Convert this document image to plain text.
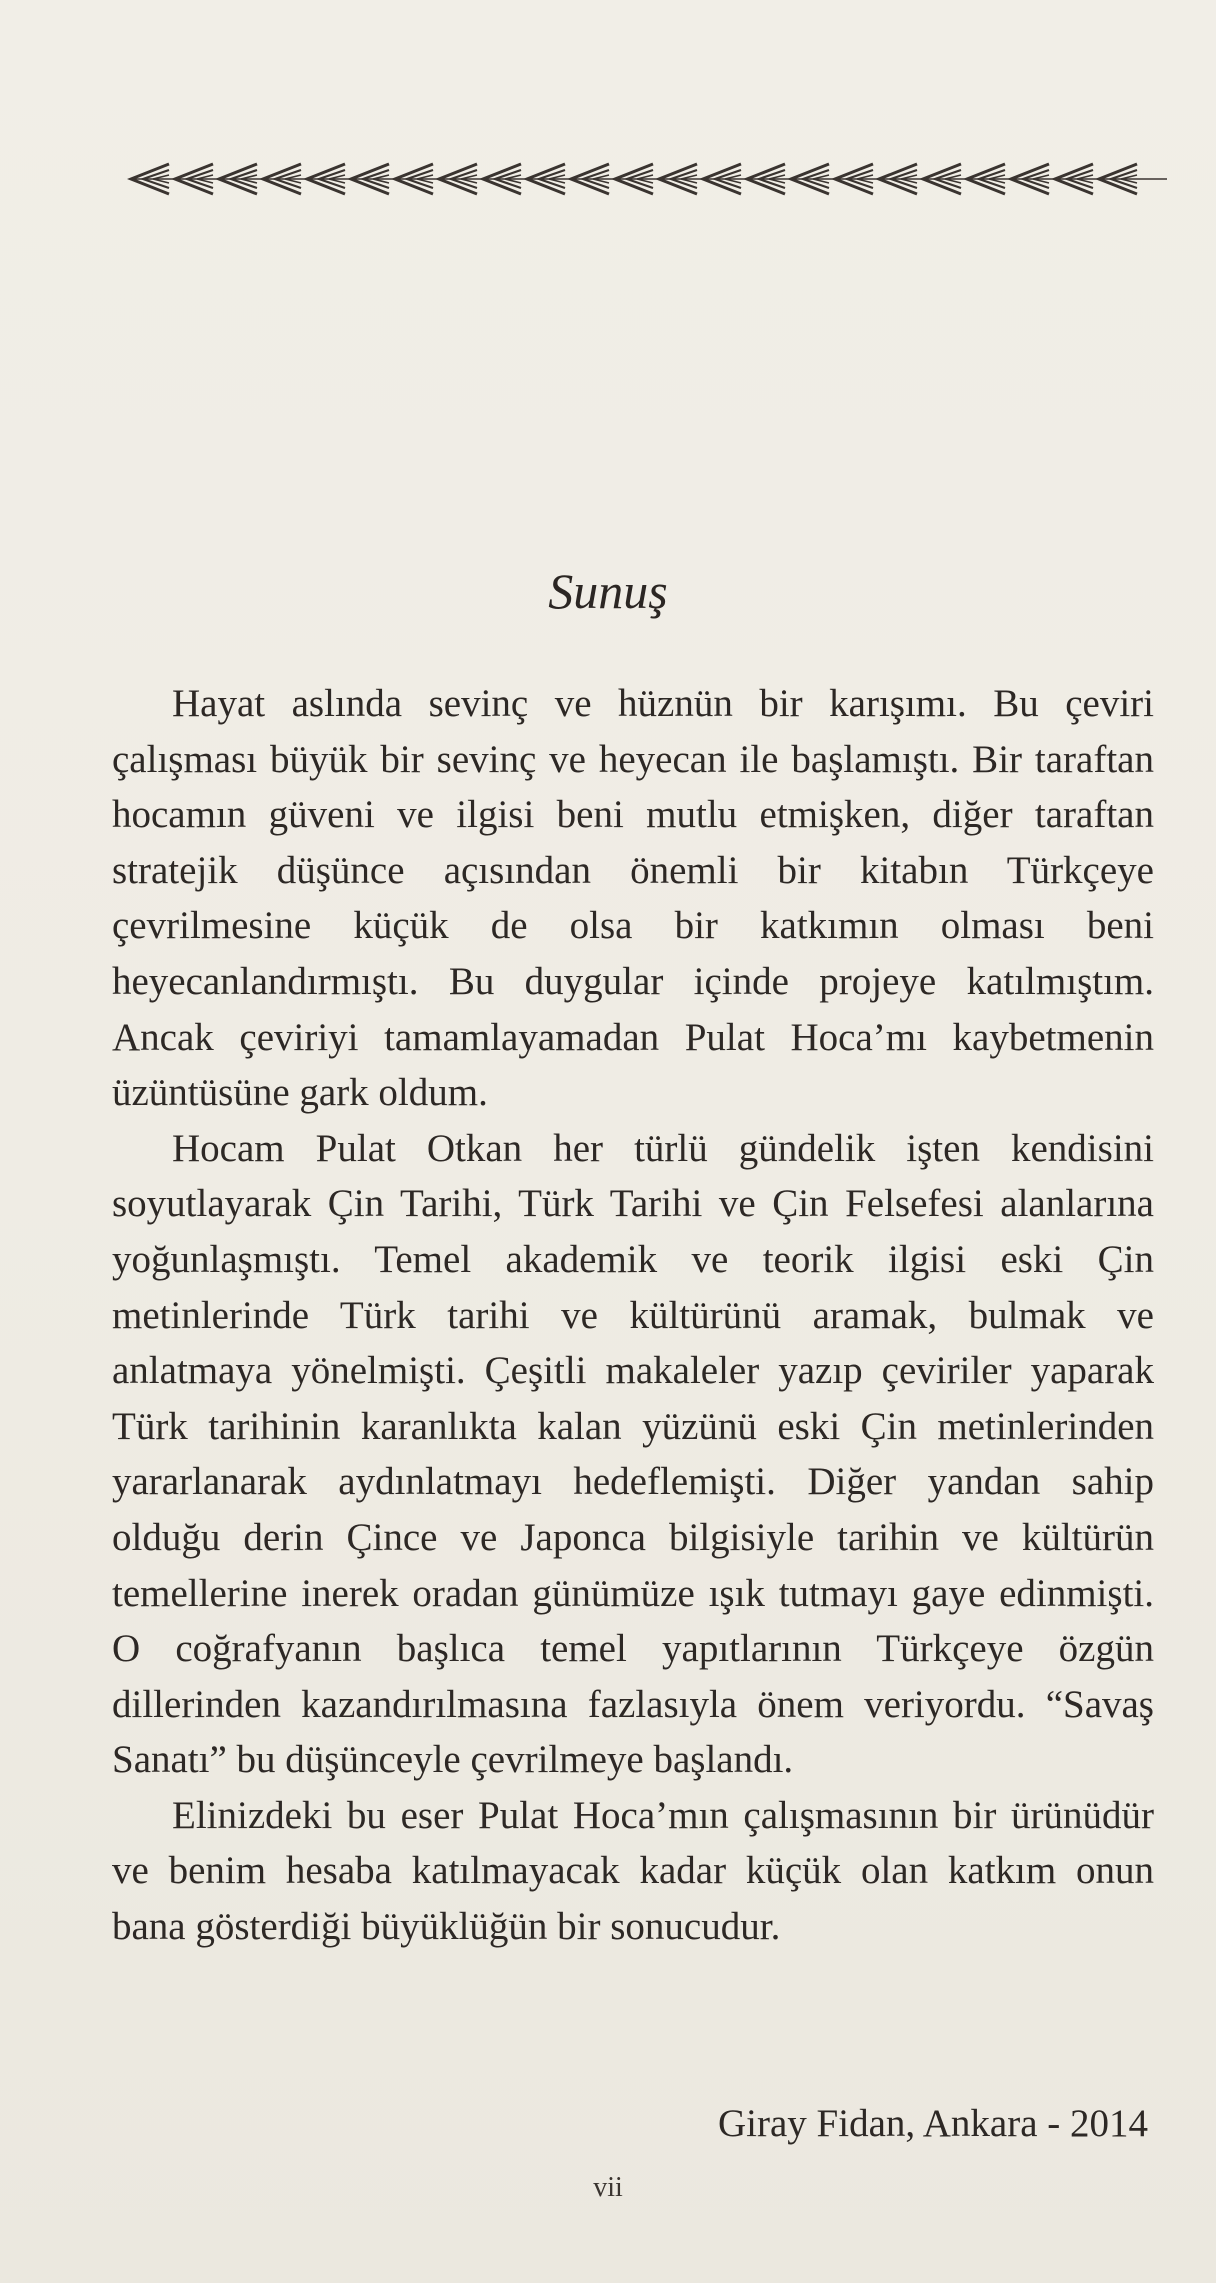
Sunuş

Hayat aslında sevinç ve hüznün bir karışımı. Bu çeviri çalışması büyük bir sevinç ve heyecan ile başlamıştı. Bir taraftan hocamın güveni ve ilgisi beni mutlu etmişken, diğer taraftan stratejik düşünce açısından önemli bir kitabın Türkçeye çevrilmesine küçük de olsa bir katkımın olması beni heyecanlandırmıştı. Bu duygular içinde projeye katılmıştım. Ancak çeviriyi tamamlayamadan Pulat Hoca’mı kaybetmenin üzüntüsüne gark oldum.

Hocam Pulat Otkan her türlü gündelik işten kendisini soyutlayarak Çin Tarihi, Türk Tarihi ve Çin Felsefesi alanlarına yoğunlaşmıştı. Temel akademik ve teorik ilgisi eski Çin metinlerinde Türk tarihi ve kültürünü aramak, bulmak ve anlatmaya yönelmişti. Çeşitli makaleler yazıp çeviriler yaparak Türk tarihinin karanlıkta kalan yüzünü eski Çin metinlerinden yararlanarak aydınlatmayı hedeflemişti. Diğer yandan sahip olduğu derin Çince ve Japonca bilgisiyle tarihin ve kültürün temellerine inerek oradan günümüze ışık tutmayı gaye edinmişti. O coğrafyanın başlıca temel yapıtlarının Türkçeye özgün dillerinden kazandırılmasına fazlasıyla önem veriyordu. “Savaş Sanatı” bu düşünceyle çevrilmeye başlandı.

Elinizdeki bu eser Pulat Hoca’mın çalışmasının bir ürünüdür ve benim hesaba katılmayacak kadar küçük olan katkım onun bana gösterdiği büyüklüğün bir sonucudur.

Giray Fidan, Ankara - 2014

vii
